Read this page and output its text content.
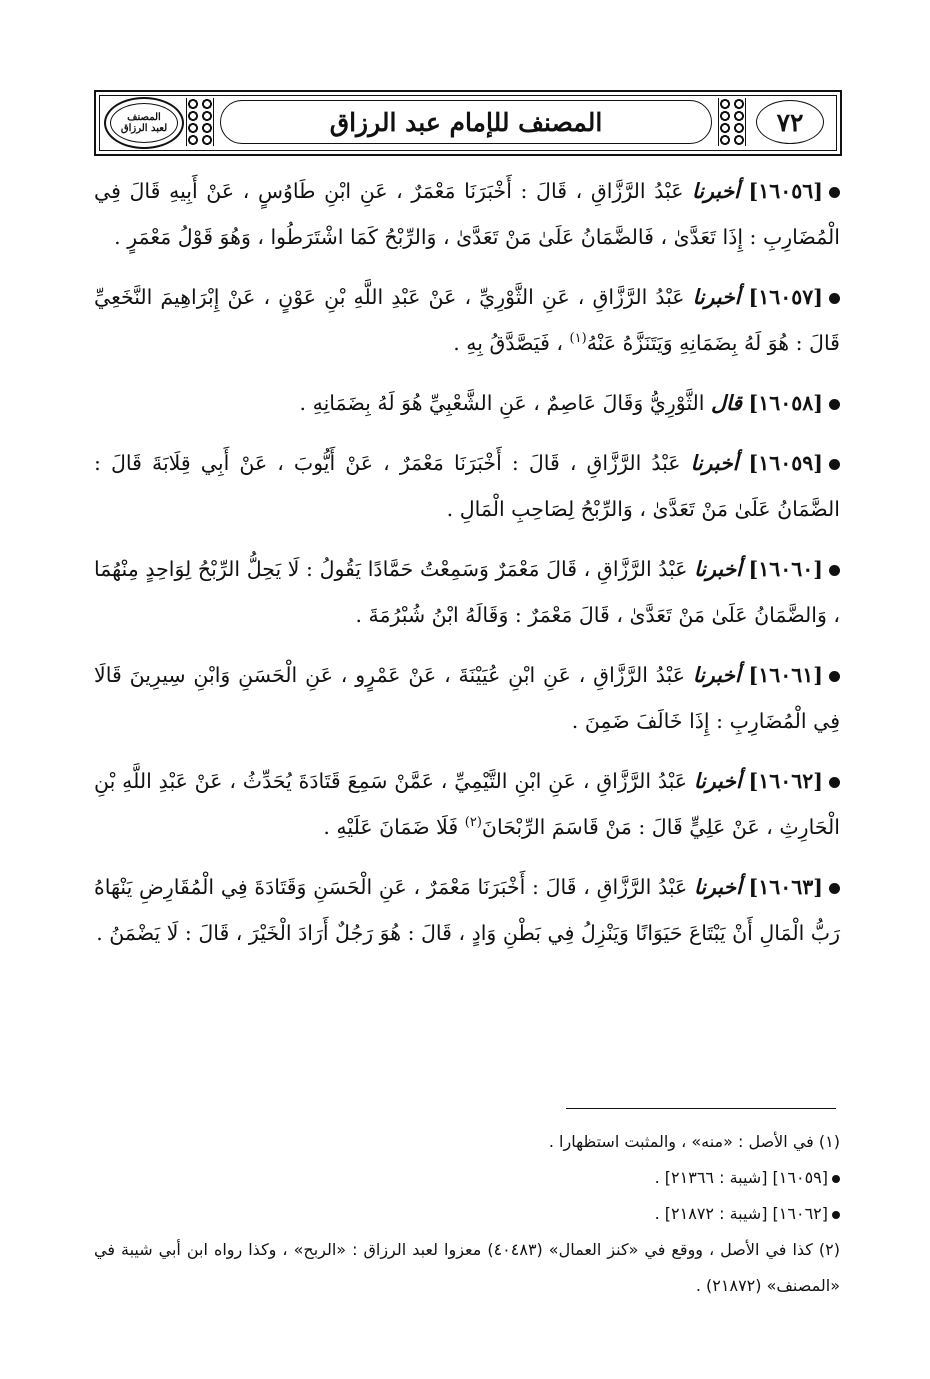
المصنف لعبد الرزاق	المصنف للإمام عبد الرزاق	٧٢

[١٦٠٥٦] أخبرنا عَبْدُ الرَّزَّاقِ ، قَالَ : أَخْبَرَنَا مَعْمَرٌ ، عَنِ ابْنِ طَاوُسٍ ، عَنْ أَبِيهِ قَالَ فِي الْمُضَارِبِ : إِذَا تَعَدَّىٰ ، فَالضَّمَانُ عَلَىٰ مَنْ تَعَدَّىٰ ، وَالرِّبْحُ كَمَا اشْتَرَطُوا ، وَهُوَ قَوْلُ مَعْمَرٍ .

[١٦٠٥٧] أخبرنا عَبْدُ الرَّزَّاقِ ، عَنِ الثَّوْرِيِّ ، عَنْ عَبْدِ اللَّهِ بْنِ عَوْنٍ ، عَنْ إِبْرَاهِيمَ النَّخَعِيِّ قَالَ : هُوَ لَهُ بِضَمَانِهِ وَيَتَنَزَّهُ عَنْهُ$^{(١)}$ ، فَيَصَّدَّقُ بِهِ .

[١٦٠٥٨] قال الثَّوْرِيُّ وَقَالَ عَاصِمٌ ، عَنِ الشَّعْبِيِّ هُوَ لَهُ بِضَمَانِهِ .

[١٦٠٥٩] أخبرنا عَبْدُ الرَّزَّاقِ ، قَالَ : أَخْبَرَنَا مَعْمَرٌ ، عَنْ أَيُّوبَ ، عَنْ أَبِي قِلَابَةَ قَالَ : الضَّمَانُ عَلَىٰ مَنْ تَعَدَّىٰ ، وَالرِّبْحُ لِصَاحِبِ الْمَالِ .

[١٦٠٦٠] أخبرنا عَبْدُ الرَّزَّاقِ ، قَالَ مَعْمَرٌ وَسَمِعْتُ حَمَّادًا يَقُولُ : لَا يَحِلُّ الرِّبْحُ لِوَاحِدٍ مِنْهُمَا ، وَالضَّمَانُ عَلَىٰ مَنْ تَعَدَّىٰ ، قَالَ مَعْمَرٌ : وَقَالَهُ ابْنُ شُبْرُمَةَ .

[١٦٠٦١] أخبرنا عَبْدُ الرَّزَّاقِ ، عَنِ ابْنِ عُيَيْنَةَ ، عَنْ عَمْرٍو ، عَنِ الْحَسَنِ وَابْنِ سِيرِينَ قَالَا فِي الْمُضَارِبِ : إِذَا خَالَفَ ضَمِنَ .

[١٦٠٦٢] أخبرنا عَبْدُ الرَّزَّاقِ ، عَنِ ابْنِ التَّيْمِيِّ ، عَمَّنْ سَمِعَ قَتَادَةَ يُحَدِّثُ ، عَنْ عَبْدِ اللَّهِ بْنِ الْحَارِثِ ، عَنْ عَلِيٍّ قَالَ : مَنْ قَاسَمَ الرِّبْحَانَ$^{(٢)}$ فَلَا ضَمَانَ عَلَيْهِ .

[١٦٠٦٣] أخبرنا عَبْدُ الرَّزَّاقِ ، قَالَ : أَخْبَرَنَا مَعْمَرٌ ، عَنِ الْحَسَنِ وَقَتَادَةَ فِي الْمُقَارِضِ يَنْهَاهُ رَبُّ الْمَالِ أَنْ يَبْتَاعَ حَيَوَانًا وَيَنْزِلُ فِي بَطْنِ وَادٍ ، قَالَ : هُوَ رَجُلٌ أَرَادَ الْخَيْرَ ، قَالَ : لَا يَضْمَنُ .

(١) في الأصل : «منه» ، والمثبت استظهارا .

[١٦٠٥٩] [شيبة : ٢١٣٦٦] .

[١٦٠٦٢] [شيبة : ٢١٨٧٢] .

(٢) كذا في الأصل ، ووقع في «كنز العمال» (٤٠٤٨٣) معزوا لعبد الرزاق : «الربح» ، وكذا رواه ابن أبي شيبة في «المصنف» (٢١٨٧٢) .
